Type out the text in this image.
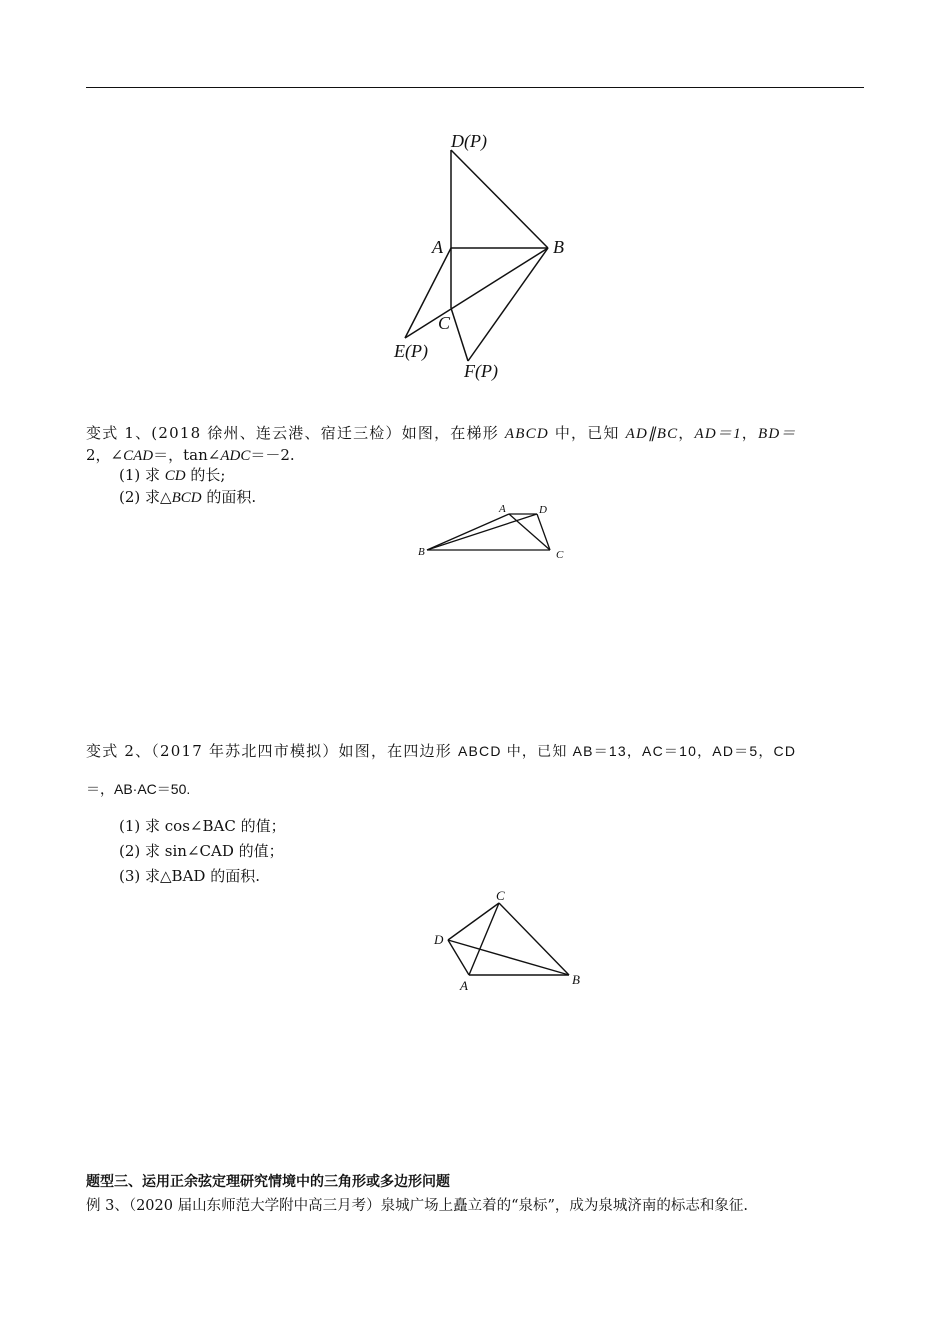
D(P)
A	B
C
E(P)
F(P)
变式 1、(2018 徐州、连云港、宿迁三检）如图，在梯形 ABCD 中，已知 AD∥BC，AD＝1，BD＝
2，∠CAD＝，tan∠ADC＝－2.
(1) 求 CD 的长;
(2) 求△BCD 的面积.
A	D
B	C
变式 2、（2017 年苏北四市模拟）如图，在四边形 ABCD 中，已知 AB＝13，AC＝10，AD＝5，CD
＝，AB·AC＝50.
(1) 求 cos∠BAC 的值；
(2) 求 sin∠CAD 的值；
(3) 求△BAD 的面积.
C
D
A	B
题型三、运用正余弦定理研究情境中的三角形或多边形问题
例 3、（2020 届山东师范大学附中高三月考）泉城广场上矗立着的“泉标”，成为泉城济南的标志和象征.
